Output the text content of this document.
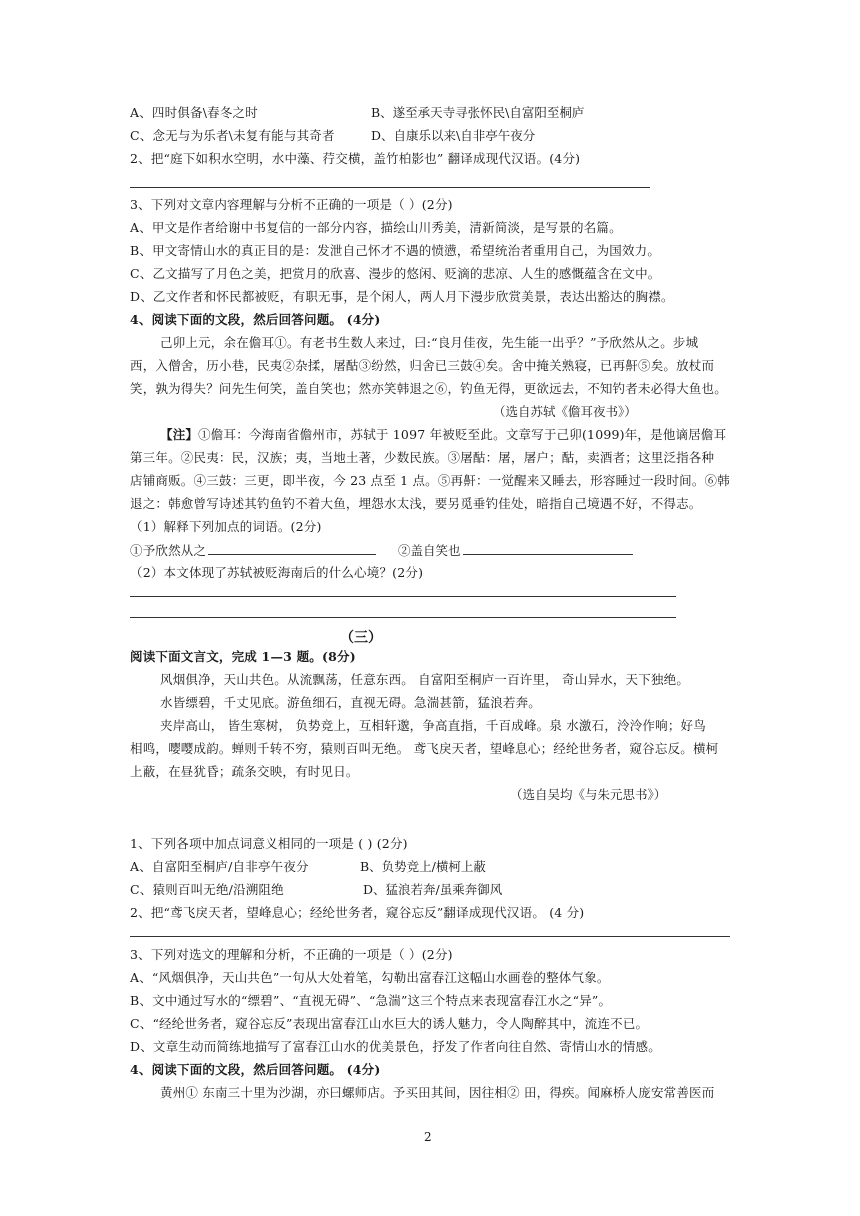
A、四时俱备\春冬之时	B、遂至承天寺寻张怀民\自富阳至桐庐
C、念无与为乐者\未复有能与其奇者	D、自康乐以来\自非亭午夜分
2、把“庭下如积水空明，水中藻、荇交横，盖竹柏影也” 翻译成现代汉语。(4分)
3、下列对文章内容理解与分析不正确的一项是（ ）(2分)
A、甲文是作者给谢中书复信的一部分内容，描绘山川秀美，清新简淡，是写景的名篇。
B、甲文寄情山水的真正目的是：发泄自己怀才不遇的愤懑，希望统治者重用自己，为国效力。
C、乙文描写了月色之美，把赏月的欣喜、漫步的悠闲、贬滴的悲凉、人生的感慨蕴含在文中。
D、乙文作者和怀民都被贬，有职无事，是个闲人，两人月下漫步欣赏美景，表达出豁达的胸襟。
4、阅读下面的文段，然后回答问题。 (4分)
己卯上元，余在儋耳①。有老书生数人来过，曰:“良月佳夜，先生能一出乎？”予欣然从之。步城
西，入僧舍，历小巷，民夷②杂揉，屠酤③纷然，归舍已三鼓④矣。舍中掩关熟寝，已再鼾⑤矣。放杖而
笑，孰为得失？问先生何笑，盖自笑也；然亦笑韩退之⑥，钓鱼无得，更欲远去，不知钓者未必得大鱼也。
（选自苏轼《儋耳夜书》）
【注】①儋耳：今海南省儋州市，苏轼于 1097 年被贬至此。文章写于己卯(1099)年，是他谪居儋耳
第三年。②民夷：民，汉族；夷，当地土著，少数民族。③屠酤：屠，屠户；酤，卖酒者；这里泛指各种
店铺商贩。④三鼓：三更，即半夜，今 23 点至 1 点。⑤再鼾：一觉醒来又睡去，形容睡过一段时间。⑥韩
退之：韩愈曾写诗述其钓鱼钓不着大鱼，埋怨水太浅，要另觅垂钓佳处，暗指自己境遇不好，不得志。
（1）解释下列加点的词语。(2分)
①予欣然从之	②盖自笑也
（2）本文体现了苏轼被贬海南后的什么心境？(2分)
（三）
阅读下面文言文，完成 1—3 题。(8分)
风烟俱净，天山共色。从流飘荡，任意东西。 自富阳至桐庐一百许里， 奇山异水，天下独绝。
水皆缥碧，千丈见底。游鱼细石，直视无碍。急湍甚箭，猛浪若奔。
夹岸高山， 皆生寒树， 负势竞上，互相轩邈，争高直指，千百成峰。泉 水激石，泠泠作响；好鸟
相鸣，嘤嘤成韵。蝉则千转不穷，猿则百叫无绝。 鸢飞戾天者，望峰息心；经纶世务者，窥谷忘反。横柯
上蔽，在昼犹昏；疏条交映，有时见日。
（选自吴均《与朱元思书》）
1、下列各项中加点词意义相同的一项是 ( ) (2分)
A、自富阳至桐庐/自非亭午夜分	B、负势竞上/横柯上蔽
C、猿则百叫无绝/沿溯阻绝	D、猛浪若奔/虽乘奔御风
2、把“鸢飞戾天者，望峰息心；经纶世务者，窥谷忘反”翻译成现代汉语。 (4 分)
3、下列对选文的理解和分析，不正确的一项是（ ）(2分)
A、“风烟俱净，天山共色”一句从大处着笔，勾勒出富春江这幅山水画卷的整体气象。
B、文中通过写水的“缥碧”、“直视无碍”、“急湍”这三个特点来表现富春江水之“异”。
C、“经纶世务者，窥谷忘反”表现出富春江山水巨大的诱人魅力，令人陶醉其中，流连不已。
D、文章生动而简练地描写了富春江山水的优美景色，抒发了作者向往自然、寄情山水的情感。
4、阅读下面的文段，然后回答问题。 (4分)
黄州① 东南三十里为沙湖，亦曰螺师店。予买田其间，因往相② 田，得疾。闻麻桥人庞安常善医而
2
